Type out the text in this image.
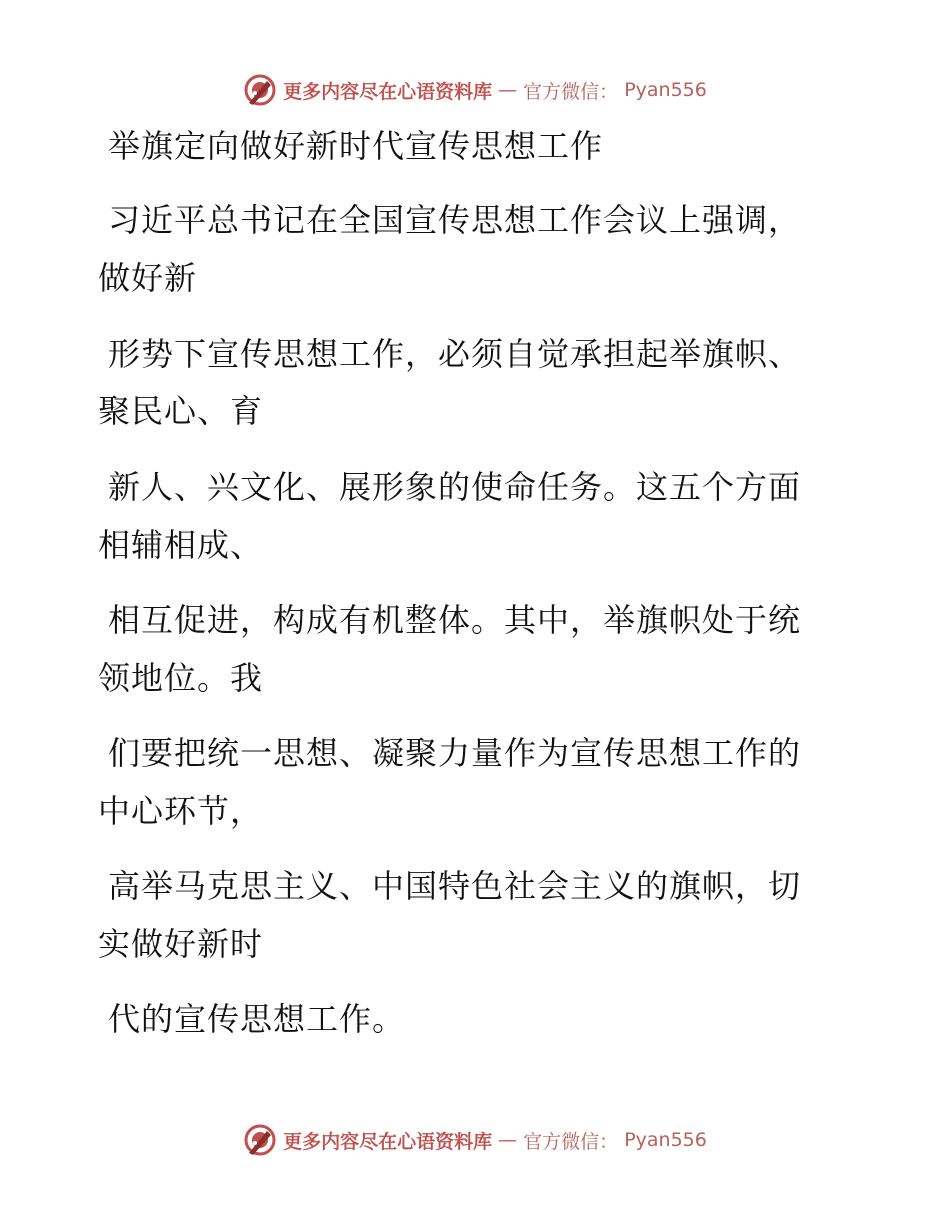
更多内容尽在心语资料库 — 官方微信： Pyan556
举旗定向做好新时代宣传思想工作
习近平总书记在全国宣传思想工作会议上强调，
做好新
形势下宣传思想工作，必须自觉承担起举旗帜、
聚民心、育
新人、兴文化、展形象的使命任务。这五个方面
相辅相成、
相互促进，构成有机整体。其中，举旗帜处于统
领地位。我
们要把统一思想、凝聚力量作为宣传思想工作的
中心环节，
高举马克思主义、中国特色社会主义的旗帜，切
实做好新时
代的宣传思想工作。
更多内容尽在心语资料库 — 官方微信： Pyan556
